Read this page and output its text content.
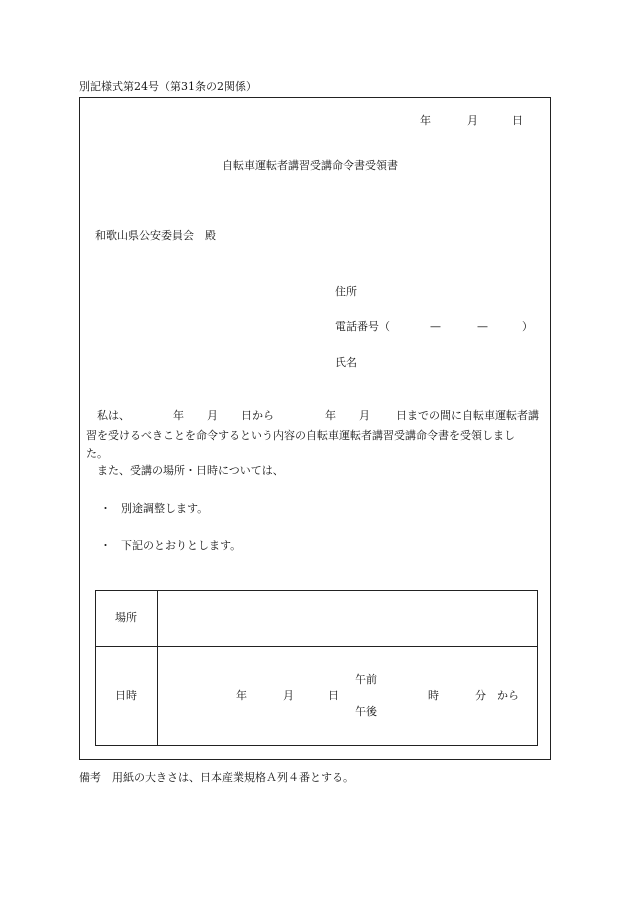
別記様式第24号（第31条の2関係）
年	月	日
自転車運転者講習受講命令書受領書
和歌山県公安委員会　殿
住所
電話番号（	—	—	）
氏名
私は、	年 月 日から	年 月 日までの間に自転車運転者講
習を受けるべきことを命令するという内容の自転車運転者講習受講命令書を受領しまし
た。
また、受講の場所・日時については、
・ 別途調整します。
・ 下記のとおりとします。
場所
日時	年	月	日
午前
午後
時	分 から
備考　用紙の大きさは、日本産業規格Ａ列４番とする。
